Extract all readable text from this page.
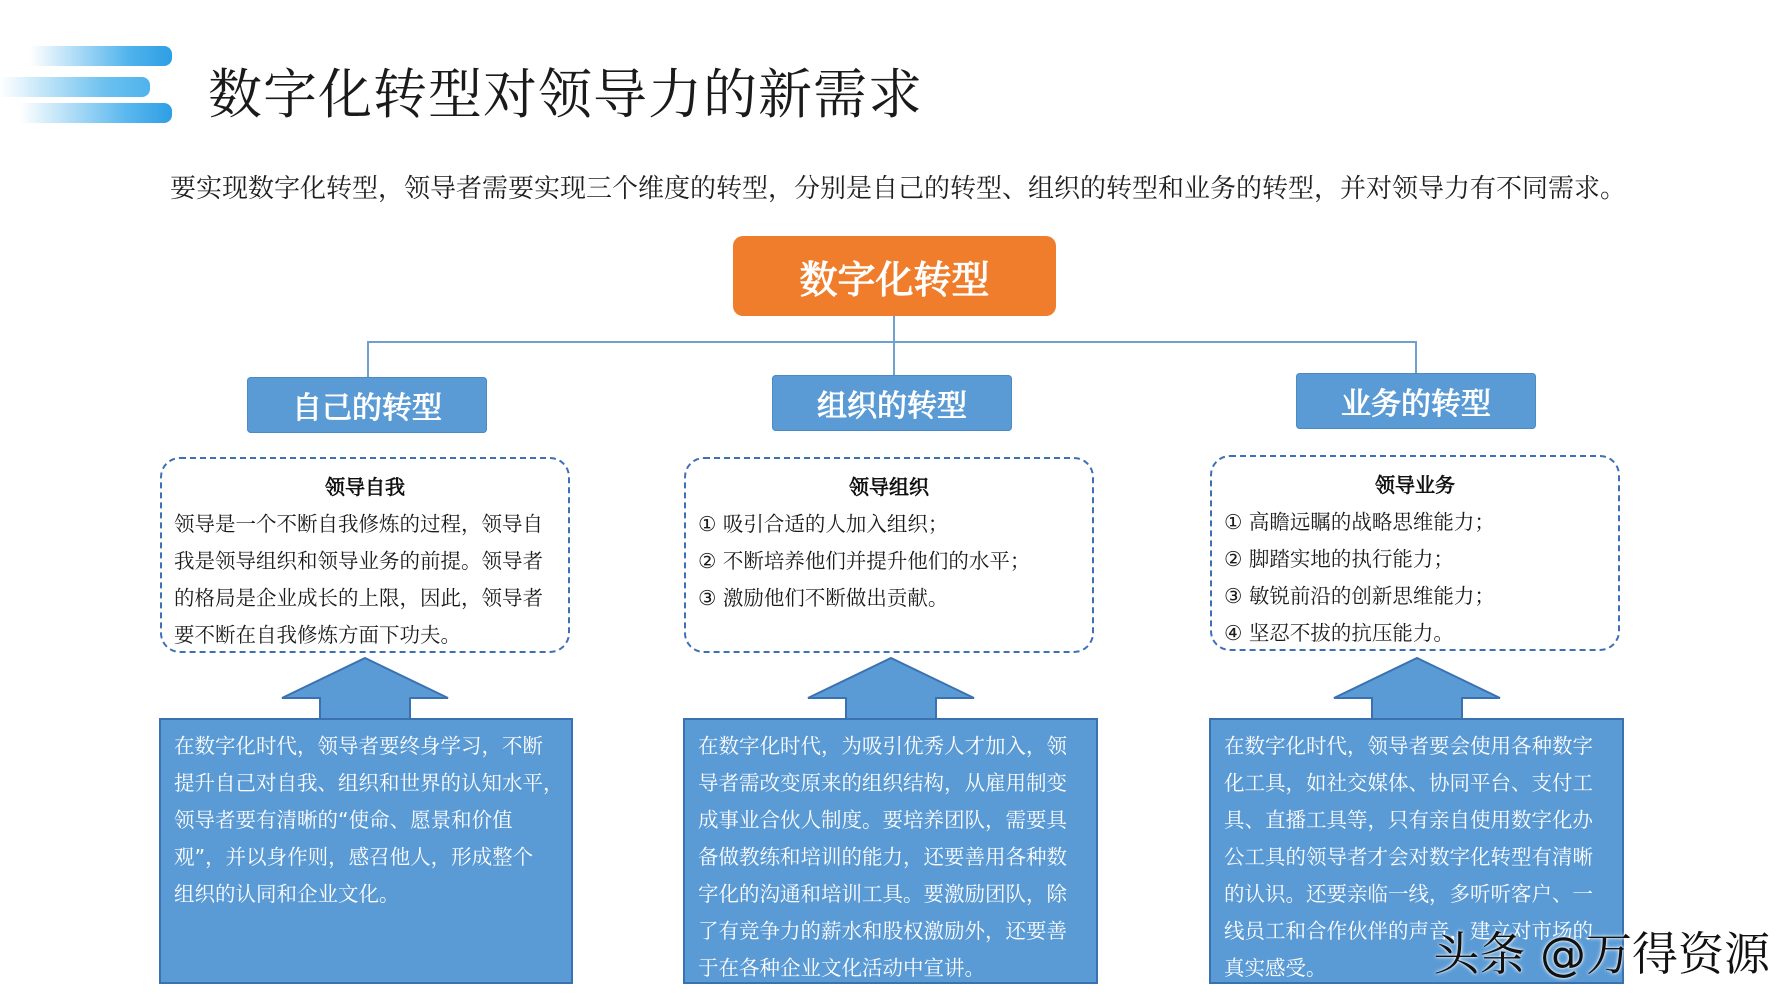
数字化转型对领导力的新需求
要实现数字化转型，领导者需要实现三个维度的转型，分别是自己的转型、组织的转型和业务的转型，并对领导力有不同需求。
数字化转型
自己的转型
领导自我
领导是一个不断自我修炼的过程，领导自
我是领导组织和领导业务的前提。领导者
的格局是企业成长的上限，因此，领导者
要不断在自我修炼方面下功夫。
在数字化时代，领导者要终身学习，不断
提升自己对自我、组织和世界的认知水平，
领导者要有清晰的“使命、愿景和价值
观”，并以身作则，感召他人，形成整个
组织的认同和企业文化。
组织的转型
领导组织
① 吸引合适的人加入组织；
② 不断培养他们并提升他们的水平；
③ 激励他们不断做出贡献。
在数字化时代，为吸引优秀人才加入，领
导者需改变原来的组织结构，从雇用制变
成事业合伙人制度。要培养团队，需要具
备做教练和培训的能力，还要善用各种数
字化的沟通和培训工具。要激励团队，除
了有竞争力的薪水和股权激励外，还要善
于在各种企业文化活动中宣讲。
业务的转型
领导业务
① 高瞻远瞩的战略思维能力；
② 脚踏实地的执行能力；
③ 敏锐前沿的创新思维能力；
④ 坚忍不拔的抗压能力。
在数字化时代，领导者要会使用各种数字
化工具，如社交媒体、协同平台、支付工
具、直播工具等，只有亲自使用数字化办
公工具的领导者才会对数字化转型有清晰
的认识。还要亲临一线，多听听客户、一
线员工和合作伙伴的声音，建立对市场的
真实感受。	头条 @万得资源
